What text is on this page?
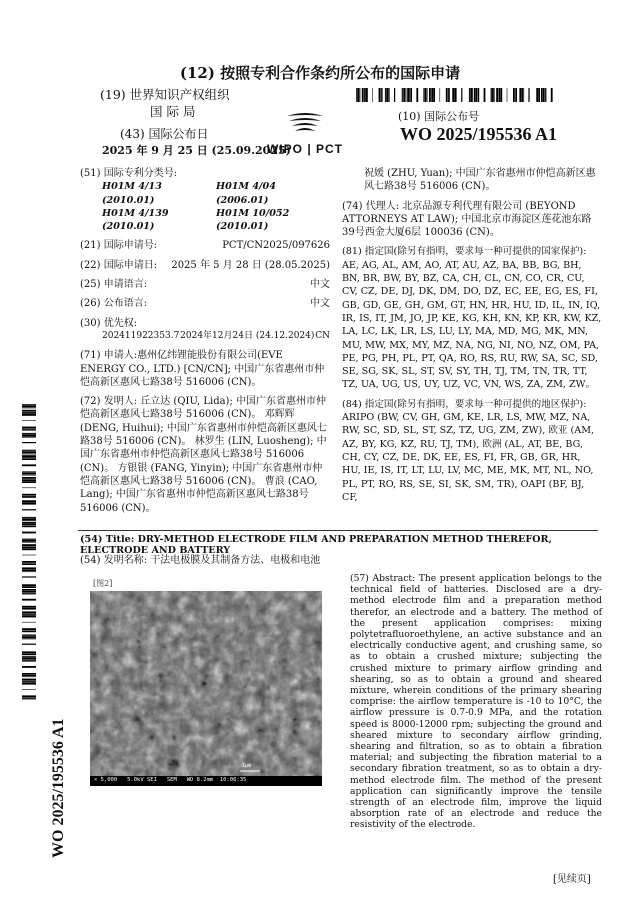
(12) 按照专利合作条约所公布的国际申请
(19) 世界知识产权组织
国 际 局
(43) 国际公布日
2025 年 9 月 25 日 (25.09.2025)
WIPO | PCT
(10) 国际公布号
WO 2025/195536 A1
(51) 国际专利分类号:
H01M 4/13 (2010.01)
H01M 4/04 (2006.01)
H01M 4/139 (2010.01)
H01M 10/052 (2010.01)
(21) 国际申请号:	PCT/CN2025/097626
(22) 国际申请日: 2025 年 5 月 28 日 (28.05.2025)
(25) 申请语言:	中文
(26) 公布语言:	中文
(30) 优先权:
202411922353.7 2024年12月24日 (24.12.2024) CN
(71) 申请人:惠州亿纬锂能股份有限公司(EVE ENERGY CO., LTD.) [CN/CN]; 中国广东省惠州市仲恺高新区惠风七路38号 516006 (CN)。
(72) 发明人: 丘立达 (QIU, Lida); 中国广东省惠州市仲恺高新区惠风七路38号 516006 (CN)。 邓辉辉 (DENG, Huihui); 中国广东省惠州市仲恺高新区惠风七路38号 516006 (CN)。 林罗生 (LIN, Luosheng); 中国广东省惠州市仲恺高新区惠风七路38号 516006 (CN)。 方银银 (FANG, Yinyin); 中国广东省惠州市仲恺高新区惠风七路38号 516006 (CN)。 曹浪 (CAO, Lang); 中国广东省惠州市仲恺高新区惠风七路38号 516006 (CN)。
祝媛 (ZHU, Yuan); 中国广东省惠州市仲恺高新区惠风七路38号 516006 (CN)。
(74) 代理人: 北京品源专利代理有限公司 (BEYOND ATTORNEYS AT LAW); 中国北京市海淀区莲花池东路39号西金大厦6层 100036 (CN)。
(81) 指定国(除另有指明，要求每一种可提供的国家保护): AE, AG, AL, AM, AO, AT, AU, AZ, BA, BB, BG, BH, BN, BR, BW, BY, BZ, CA, CH, CL, CN, CO, CR, CU, CV, CZ, DE, DJ, DK, DM, DO, DZ, EC, EE, EG, ES, FI, GB, GD, GE, GH, GM, GT, HN, HR, HU, ID, IL, IN, IQ, IR, IS, IT, JM, JO, JP, KE, KG, KH, KN, KP, KR, KW, KZ, LA, LC, LK, LR, LS, LU, LY, MA, MD, MG, MK, MN, MU, MW, MX, MY, MZ, NA, NG, NI, NO, NZ, OM, PA, PE, PG, PH, PL, PT, QA, RO, RS, RU, RW, SA, SC, SD, SE, SG, SK, SL, ST, SV, SY, TH, TJ, TM, TN, TR, TT, TZ, UA, UG, US, UY, UZ, VC, VN, WS, ZA, ZM, ZW。
(84) 指定国(除另有指明，要求每一种可提供的地区保护): ARIPO (BW, CV, GH, GM, KE, LR, LS, MW, MZ, NA, RW, SC, SD, SL, ST, SZ, TZ, UG, ZM, ZW), 欧亚 (AM, AZ, BY, KG, KZ, RU, TJ, TM), 欧洲 (AL, AT, BE, BG, CH, CY, CZ, DE, DK, EE, ES, FI, FR, GB, GR, HR, HU, IE, IS, IT, LT, LU, LV, MC, ME, MK, MT, NL, NO, PL, PT, RO, RS, SE, SI, SK, SM, TR), OAPI (BF, BJ, CF,
(54) Title: DRY-METHOD ELECTRODE FILM AND PREPARATION METHOD THEREFOR, ELECTRODE AND BATTERY
(54) 发明名称: 干法电极膜及其制备方法、电极和电池
[图2]
1μm
× 5,000   5.0kV SEI   SEM   WD 8.2mm  10:06:35
(57) Abstract: The present application belongs to the technical field of batteries. Disclosed are a dry-method electrode film and a preparation method therefor, an electrode and a battery. The method of the present application comprises: mixing polytetrafluoroethylene, an active substance and an electrically conductive agent, and crushing same, so as to obtain a crushed mixture; subjecting the crushed mixture to primary airflow grinding and shearing, so as to obtain a ground and sheared mixture, wherein conditions of the primary shearing comprise: the airflow temperature is -10 to 10°C, the airflow pressure is 0.7-0.9 MPa, and the rotation speed is 8000-12000 rpm; subjecting the ground and sheared mixture to secondary airflow grinding, shearing and filtration, so as to obtain a fibration material; and subjecting the fibration material to a secondary fibration treatment, so as to obtain a dry-method electrode film. The method of the present application can significantly improve the tensile strength of an electrode film, improve the liquid absorption rate of an electrode and reduce the resistivity of the electrode.
WO 2025/195536 A1
[见续页]
